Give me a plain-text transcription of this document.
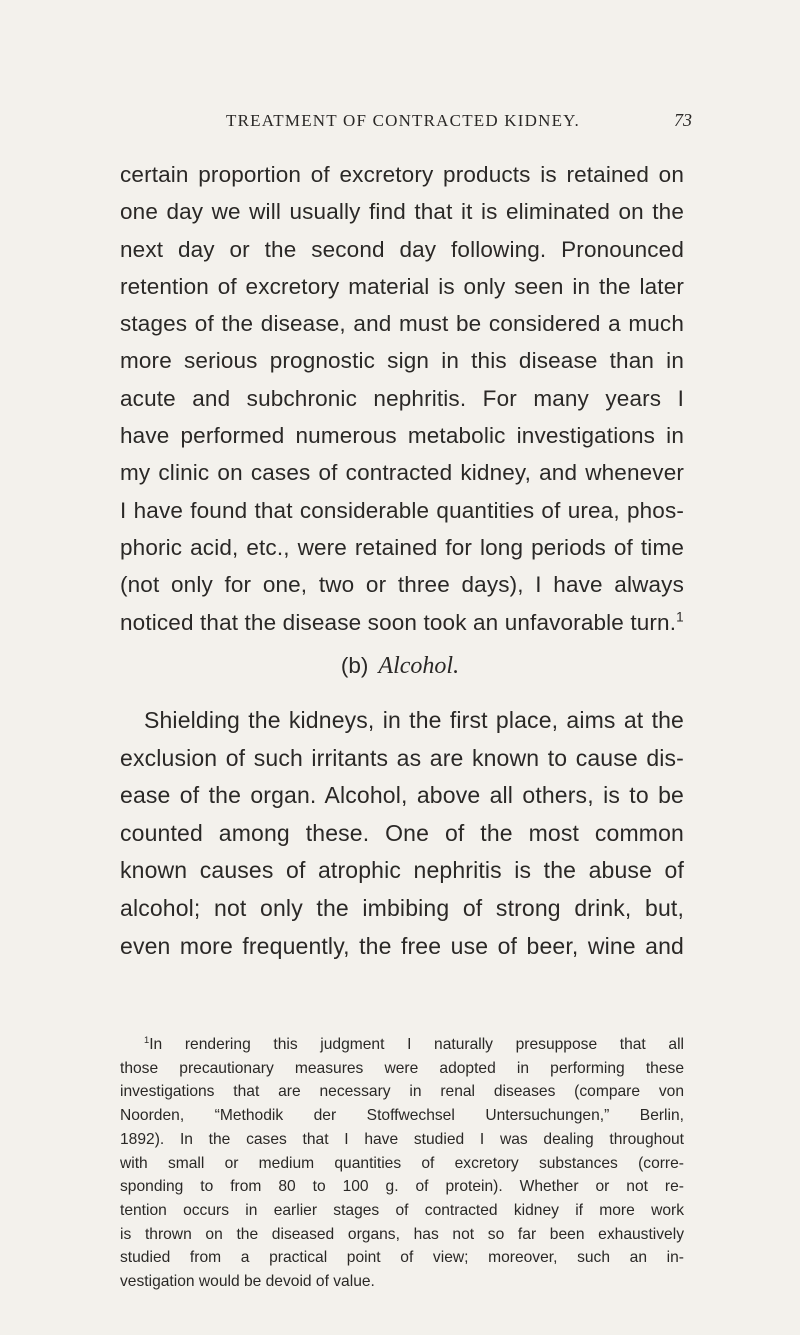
TREATMENT OF CONTRACTED KIDNEY.	73
certain proportion of excretory products is retained on
one day we will usually find that it is eliminated on the
next day or the second day following. Pronounced
retention of excretory material is only seen in the later
stages of the disease, and must be considered a much
more serious prognostic sign in this disease than in
acute and subchronic nephritis. For many years I
have performed numerous metabolic investigations in
my clinic on cases of contracted kidney, and whenever
I have found that considerable quantities of urea, phos-
phoric acid, etc., were retained for long periods of time
(not only for one, two or three days), I have always
noticed that the disease soon took an unfavorable turn.$^1$
(b) Alcohol.
Shielding the kidneys, in the first place, aims at the
exclusion of such irritants as are known to cause dis-
ease of the organ. Alcohol, above all others, is to be
counted among these. One of the most common
known causes of atrophic nephritis is the abuse of
alcohol; not only the imbibing of strong drink, but,
even more frequently, the free use of beer, wine and
$^1$In rendering this judgment I naturally presuppose that all
those precautionary measures were adopted in performing these
investigations that are necessary in renal diseases (compare von
Noorden, “Methodik der Stoffwechsel Untersuchungen,” Berlin,
1892). In the cases that I have studied I was dealing throughout
with small or medium quantities of excretory substances (corre-
sponding to from 80 to 100 g. of protein). Whether or not re-
tention occurs in earlier stages of contracted kidney if more work
is thrown on the diseased organs, has not so far been exhaustively
studied from a practical point of view; moreover, such an in-
vestigation would be devoid of value.
